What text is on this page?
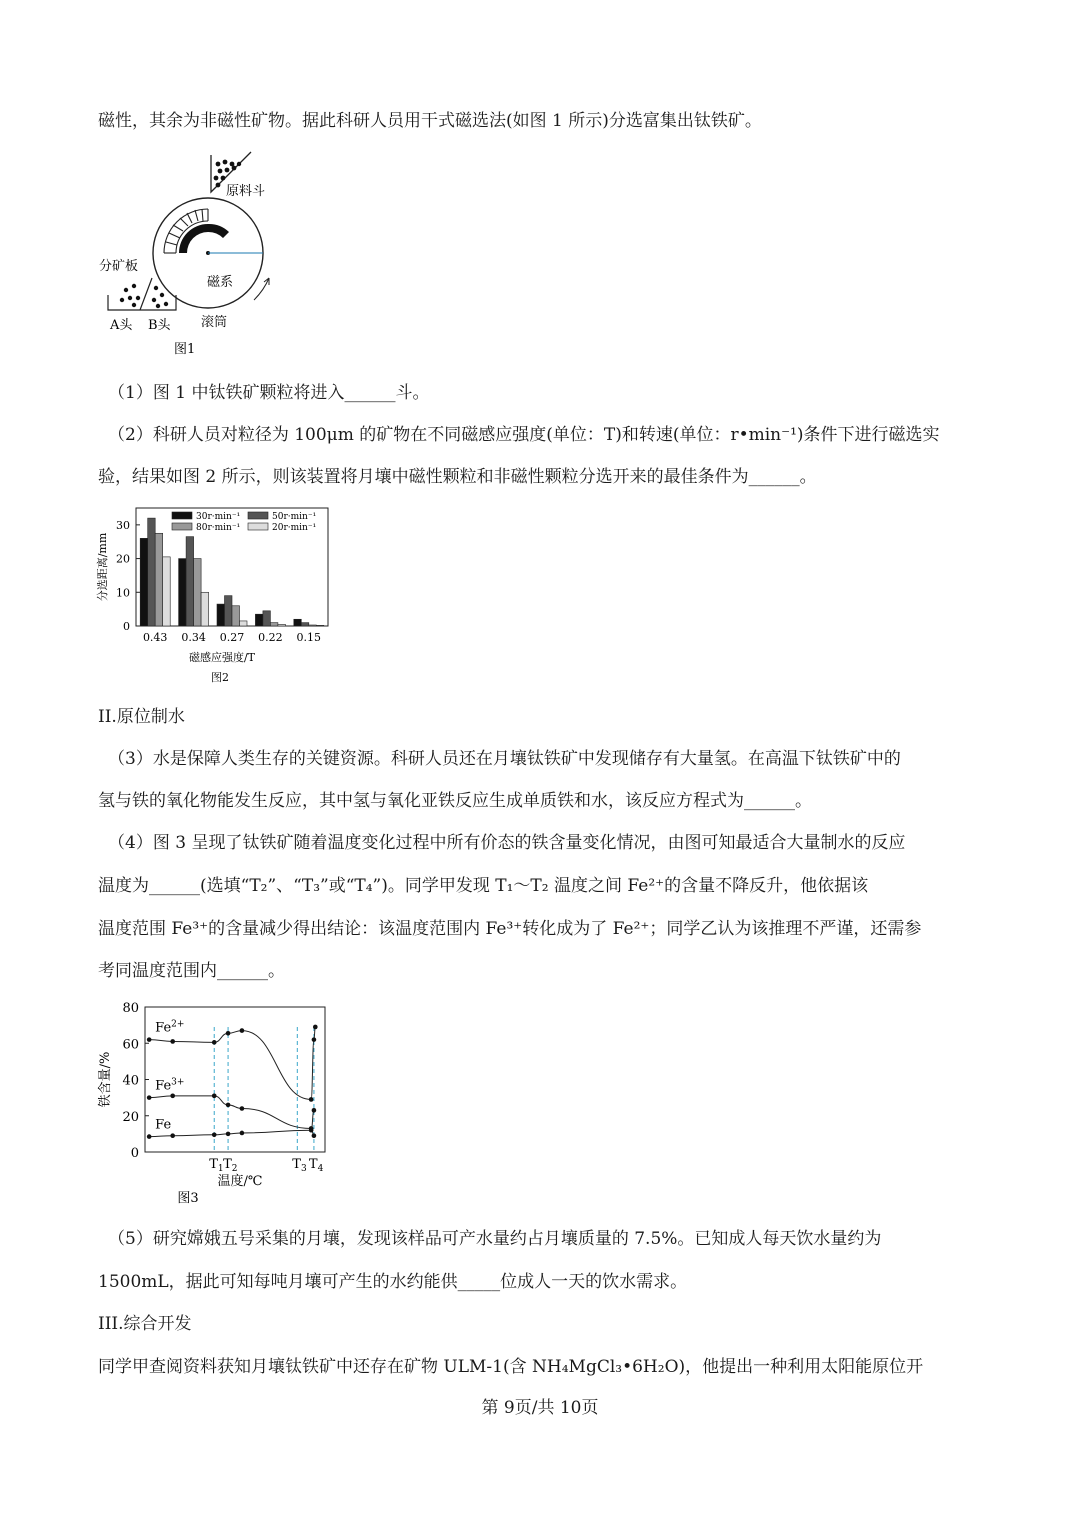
磁性，其余为非磁性矿物。据此科研人员用干式磁选法(如图 1 所示)分选富集出钛铁矿。
原料斗
磁系
滚筒
分矿板
A头 B头
图1
（1）图 1 中钛铁矿颗粒将进入______斗。
（2）科研人员对粒径为 100μm 的矿物在不同磁感应强度(单位：T)和转速(单位：r•min⁻¹)条件下进行磁选实
验，结果如图 2 所示，则该装置将月壤中磁性颗粒和非磁性颗粒分选开来的最佳条件为______。
0
10
20
30
0.43 0.34 0.27 0.22 0.15
30r·min⁻¹	50r·min⁻¹
80r·min⁻¹	20r·min⁻¹
分选距离/mm
磁感应强度/T
图2
II.原位制水
（3）水是保障人类生存的关键资源。科研人员还在月壤钛铁矿中发现储存有大量氢。在高温下钛铁矿中的
氢与铁的氧化物能发生反应，其中氢与氧化亚铁反应生成单质铁和水，该反应方程式为______。
（4）图 3 呈现了钛铁矿随着温度变化过程中所有价态的铁含量变化情况，由图可知最适合大量制水的反应
温度为______(选填“T₂”、“T₃”或“T₄”)。同学甲发现 T₁～T₂ 温度之间 Fe²⁺的含量不降反升，他依据该
温度范围 Fe³⁺的含量减少得出结论：该温度范围内 Fe³⁺转化成为了 Fe²⁺；同学乙认为该推理不严谨，还需参
考同温度范围内______。
0
20
40
60
80
$T_1$ $T_2$	$T_3$ $T_4$
$Fe^{2+}$
$Fe^{3+}$
Fe
铁含量/%
温度/℃
图3
（5）研究嫦娥五号采集的月壤，发现该样品可产水量约占月壤质量的 7.5%。已知成人每天饮水量约为
1500mL，据此可知每吨月壤可产生的水约能供_____位成人一天的饮水需求。
III.综合开发
同学甲查阅资料获知月壤钛铁矿中还存在矿物 ULM-1(含 NH₄MgCl₃•6H₂O)，他提出一种利用太阳能原位开
第 9页/共 10页
